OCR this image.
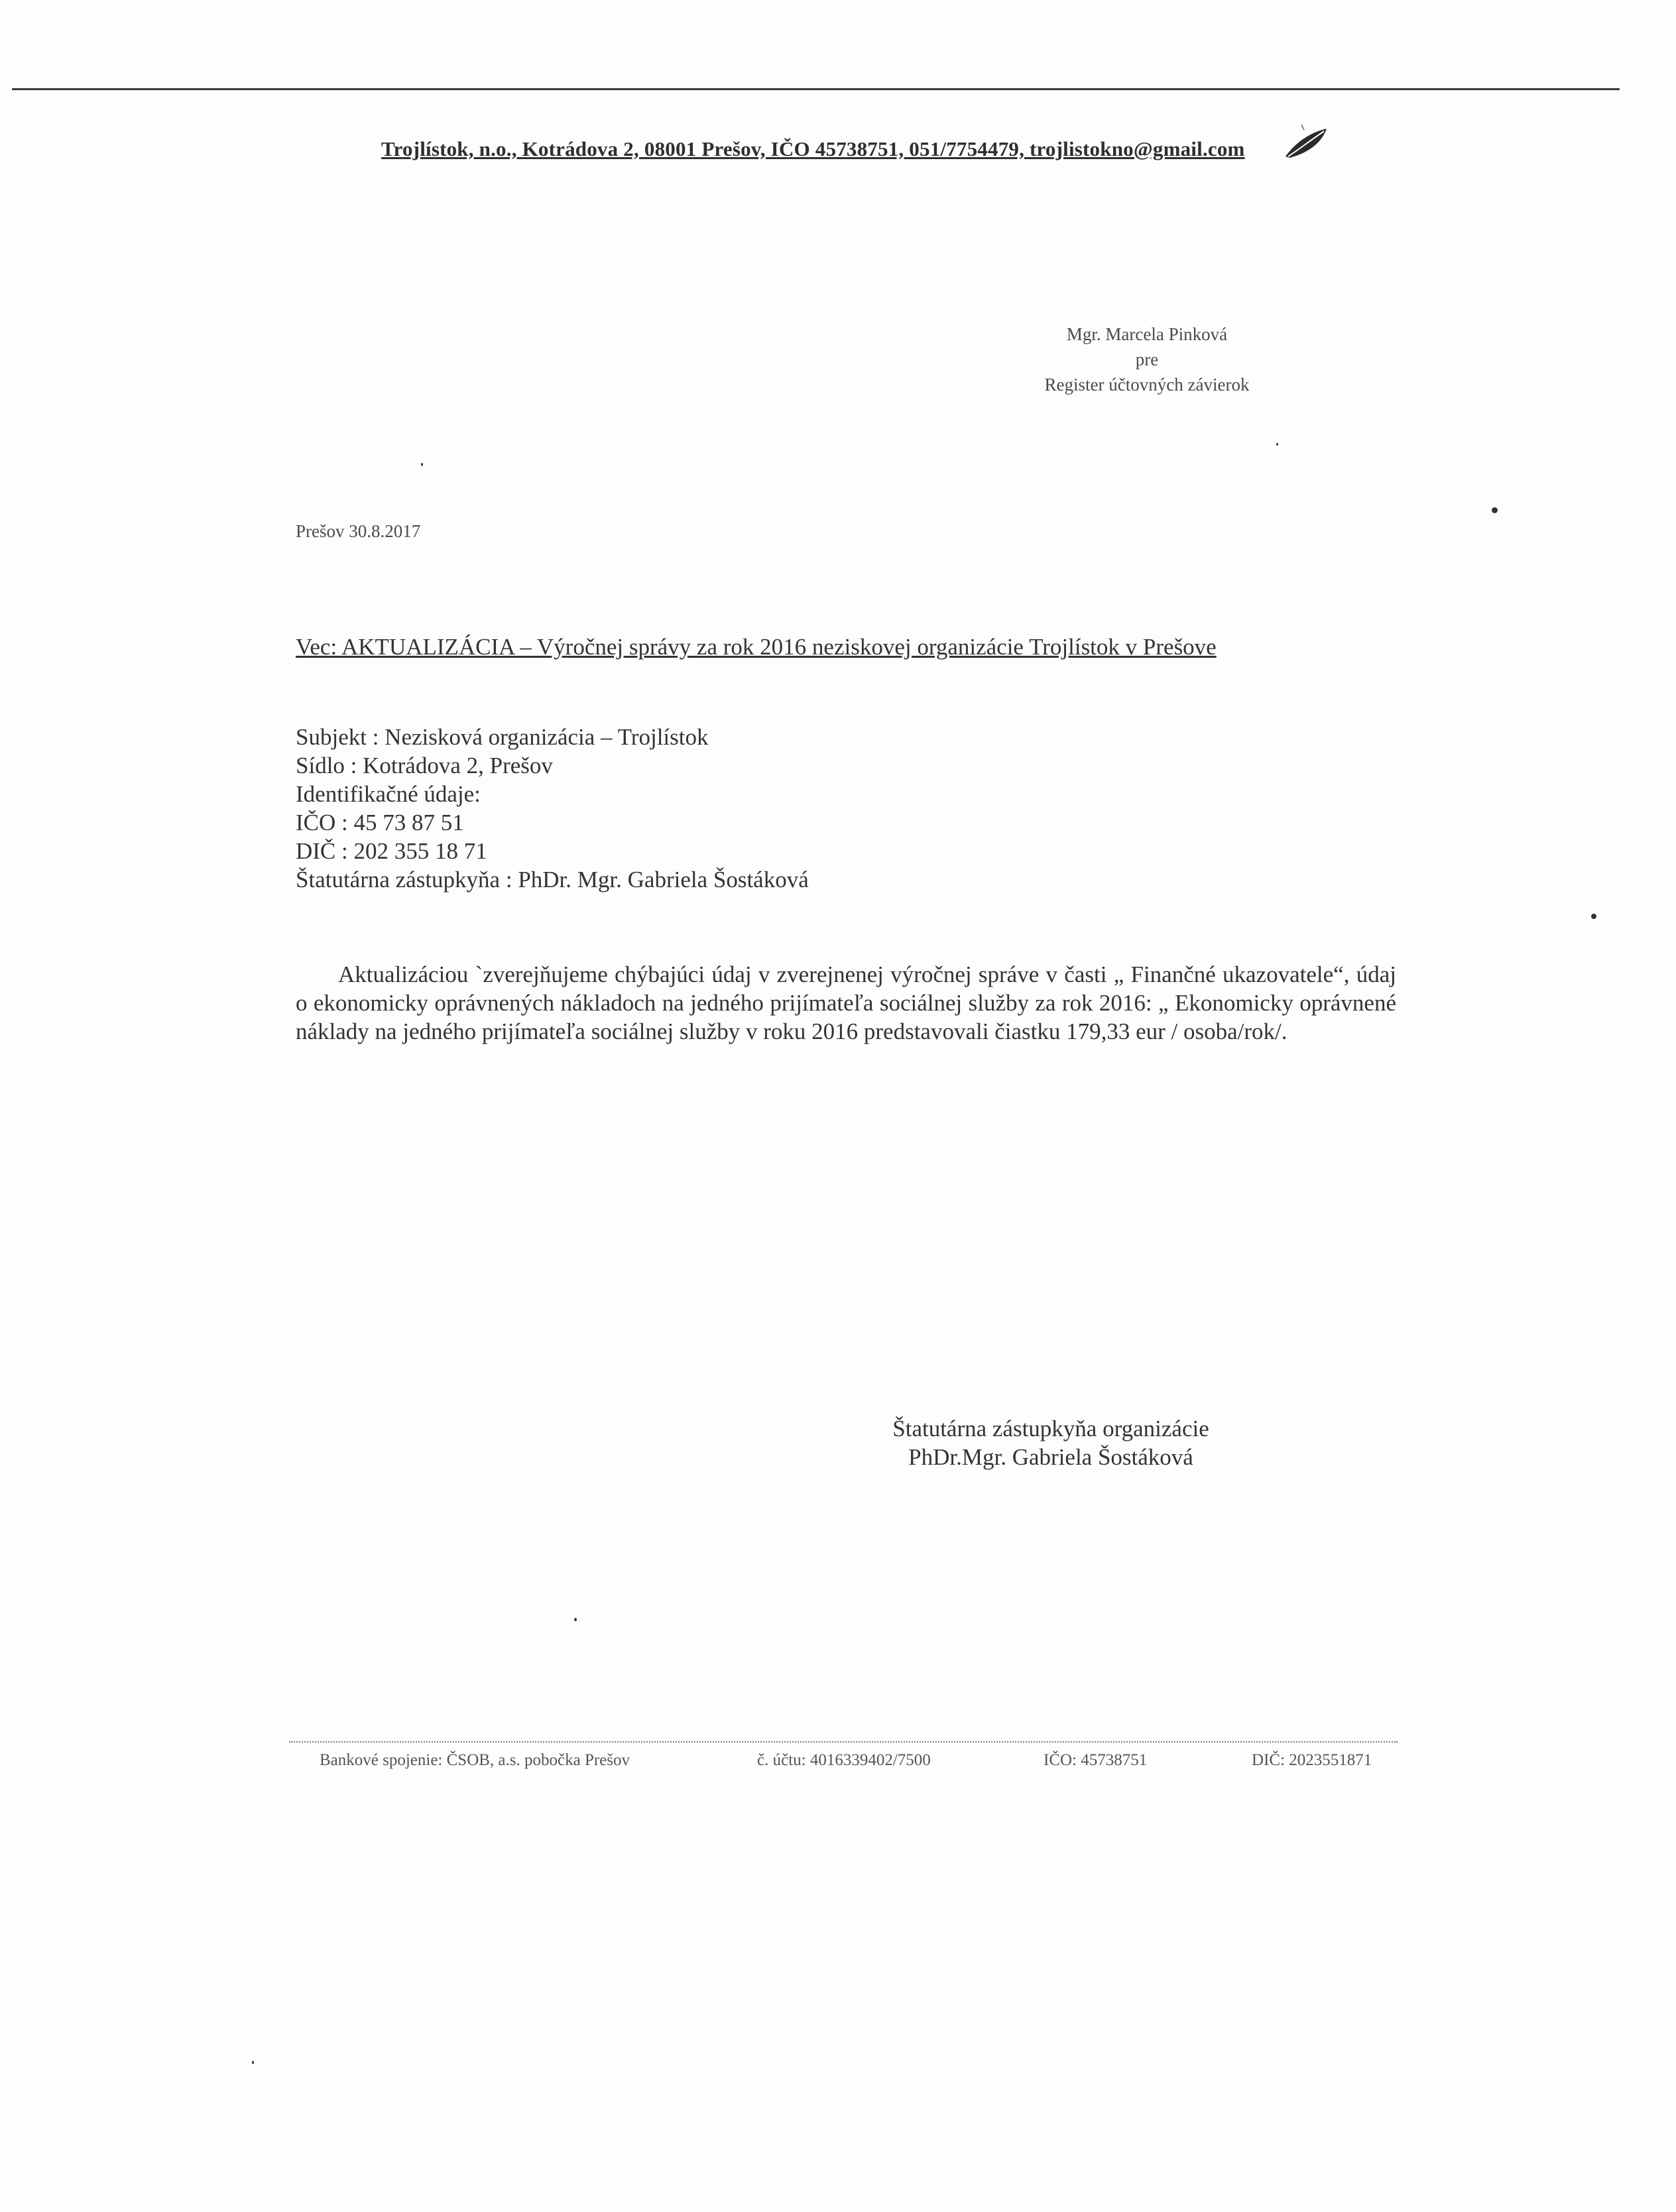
Trojlístok, n.o., Kotrádova 2, 08001 Prešov, IČO 45738751, 051/7754479, trojlistokno@gmail.com
Mgr. Marcela Pinková
pre
Register účtovných závierok
Prešov 30.8.2017
Vec: AKTUALIZÁCIA – Výročnej správy za rok 2016 neziskovej organizácie Trojlístok v Prešove
Subjekt : Nezisková organizácia – Trojlístok
Sídlo : Kotrádova 2, Prešov
Identifikačné údaje:
IČO : 45 73 87 51
DIČ : 202 355 18 71
Štatutárna zástupkyňa : PhDr. Mgr. Gabriela Šostáková
Aktualizáciou `zverejňujeme chýbajúci údaj v zverejnenej výročnej správe v časti „ Finančné ukazovatele“, údaj o ekonomicky oprávnených nákladoch na jedného prijímateľa sociálnej služby za rok 2016: „ Ekonomicky oprávnené náklady na jedného prijímateľa sociálnej služby v roku 2016 predstavovali čiastku 179,33 eur / osoba/rok/.
Štatutárna zástupkyňa organizácie
PhDr.Mgr. Gabriela Šostáková
Bankové spojenie: ČSOB, a.s. pobočka Prešov	č. účtu: 4016339402/7500	IČO: 45738751	DIČ: 2023551871
